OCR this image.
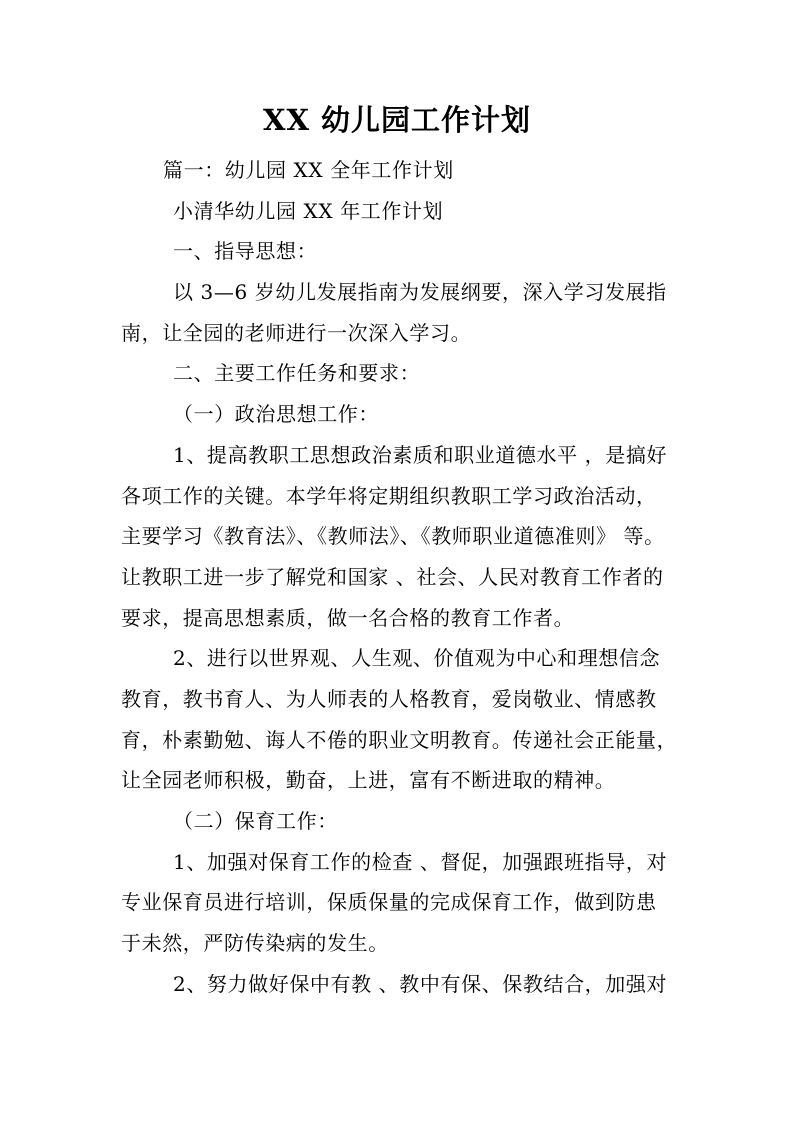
XX 幼儿园工作计划
篇一：幼儿园 XX 全年工作计划
小清华幼儿园 XX 年工作计划
一、指导思想：
以 3—6 岁幼儿发展指南为发展纲要，深入学习发展指
南，让全园的老师进行一次深入学习。
二、主要工作任务和要求：
（一）政治思想工作：
1、提高教职工思想政治素质和职业道德水平 ，是搞好
各项工作的关键。本学年将定期组织教职工学习政治活动，
主要学习《教育法》、《教师法》、《教师职业道德准则》 等。
让教职工进一步了解党和国家 、社会、人民对教育工作者的
要求，提高思想素质，做一名合格的教育工作者。
2、进行以世界观、人生观、价值观为中心和理想信念
教育，教书育人、为人师表的人格教育，爱岗敬业、情感教
育，朴素勤勉、诲人不倦的职业文明教育。传递社会正能量，
让全园老师积极，勤奋，上进，富有不断进取的精神。
（二）保育工作：
1、加强对保育工作的检查 、督促，加强跟班指导，对
专业保育员进行培训，保质保量的完成保育工作，做到防患
于未然，严防传染病的发生。
2、努力做好保中有教 、教中有保、保教结合，加强对
